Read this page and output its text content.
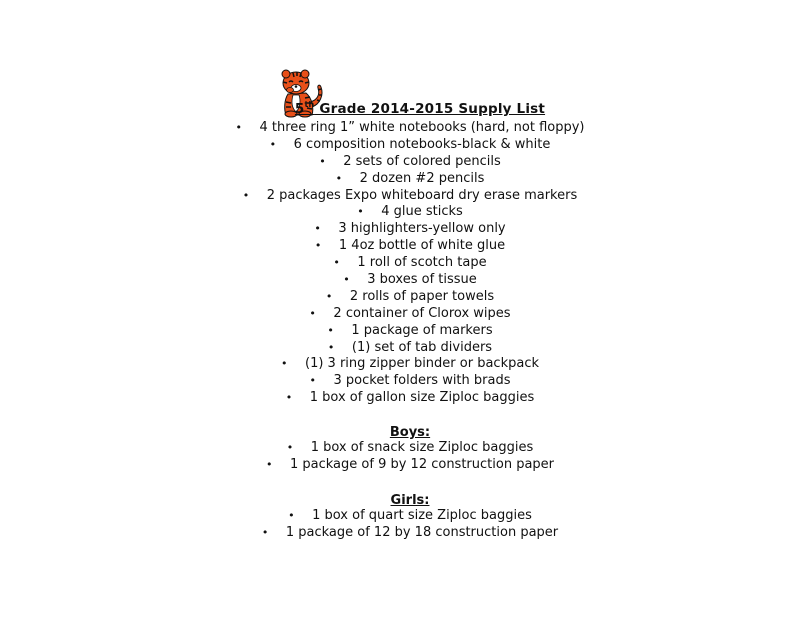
5th Grade 2014-2015 Supply List
• 4 three ring 1” white notebooks (hard, not floppy)
• 6 composition notebooks-black & white
• 2 sets of colored pencils
• 2 dozen #2 pencils
• 2 packages Expo whiteboard dry erase markers
• 4 glue sticks
• 3 highlighters-yellow only
• 1 4oz bottle of white glue
• 1 roll of scotch tape
• 3 boxes of tissue
• 2 rolls of paper towels
• 2 container of Clorox wipes
• 1 package of markers
• (1) set of tab dividers
• (1) 3 ring zipper binder or backpack
• 3 pocket folders with brads
• 1 box of gallon size Ziploc baggies
Boys:
• 1 box of snack size Ziploc baggies
• 1 package of 9 by 12 construction paper
Girls:
• 1 box of quart size Ziploc baggies
• 1 package of 12 by 18 construction paper
